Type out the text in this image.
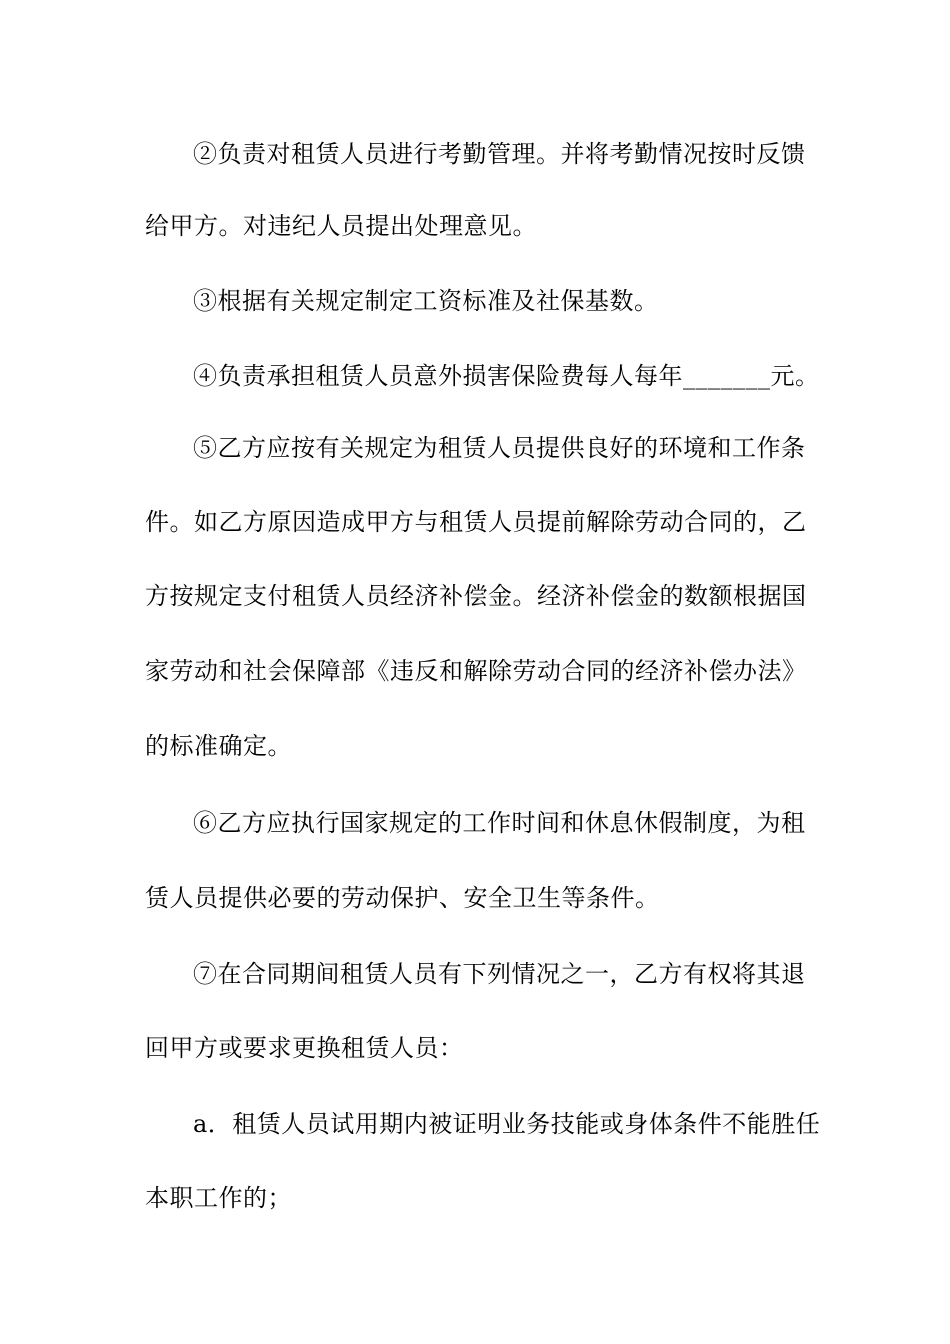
②负责对租赁人员进行考勤管理。并将考勤情况按时反馈
给甲方。对违纪人员提出处理意见。
③根据有关规定制定工资标准及社保基数。
④负责承担租赁人员意外损害保险费每人每年_______元。
⑤乙方应按有关规定为租赁人员提供良好的环境和工作条
件。如乙方原因造成甲方与租赁人员提前解除劳动合同的，乙
方按规定支付租赁人员经济补偿金。经济补偿金的数额根据国
家劳动和社会保障部《违反和解除劳动合同的经济补偿办法》
的标准确定。
⑥乙方应执行国家规定的工作时间和休息休假制度，为租
赁人员提供必要的劳动保护、安全卫生等条件。
⑦在合同期间租赁人员有下列情况之一，乙方有权将其退
回甲方或要求更换租赁人员：
a．租赁人员试用期内被证明业务技能或身体条件不能胜任
本职工作的；
